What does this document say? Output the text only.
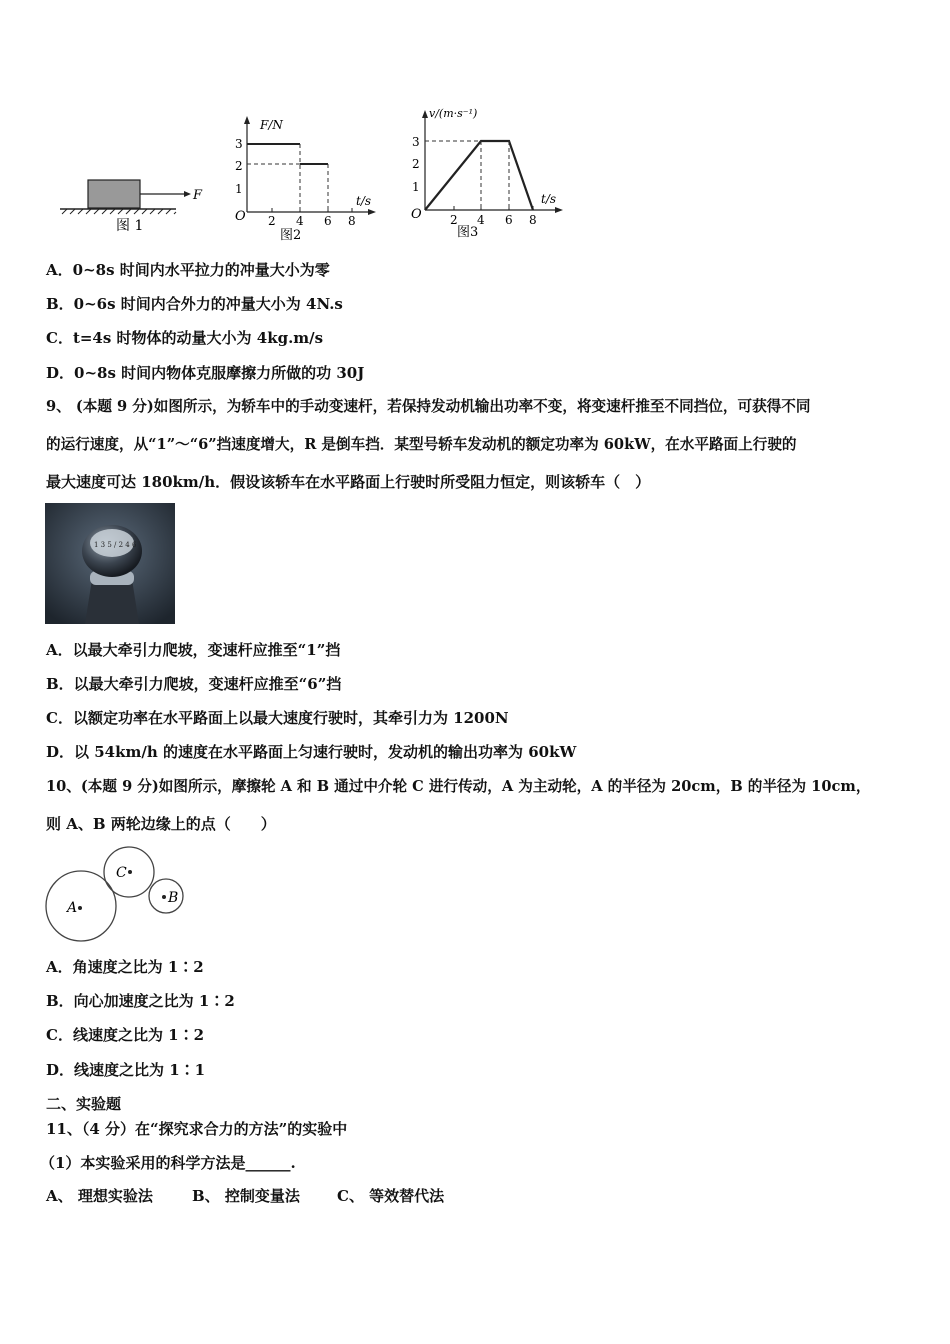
F
图 1
F/N
t/s
O
1
2
3
2 4 6 8
图2
v/(m·s⁻¹)
t/s
O
1
2
3
2 4 6 8
图3
A．0~8s 时间内水平拉力的冲量大小为零
B．0~6s 时间内合外力的冲量大小为 4N.s
C．t=4s 时物体的动量大小为 4kg.m/s
D．0~8s 时间内物体克服摩擦力所做的功 30J
9、 (本题 9 分)如图所示，为轿车中的手动变速杆，若保持发动机输出功率不变，将变速杆推至不同挡位，可获得不同
的运行速度，从“1”～“6”挡速度增大，R 是倒车挡．某型号轿车发动机的额定功率为 60kW，在水平路面上行驶的
最大速度可达 180km/h．假设该轿车在水平路面上行驶时所受阻力恒定，则该轿车（　）
1 3 5 / 2 4 6
A．以最大牵引力爬坡，变速杆应推至“1”挡
B．以最大牵引力爬坡，变速杆应推至“6”挡
C．以额定功率在水平路面上以最大速度行驶时，其牵引力为 1200N
D．以 54km/h 的速度在水平路面上匀速行驶时，发动机的输出功率为 60kW
10、(本题 9 分)如图所示，摩擦轮 A 和 B 通过中介轮 C 进行传动，A 为主动轮，A 的半径为 20cm，B 的半径为 10cm，
则 A、B 两轮边缘上的点（　　）
A
C
B
A．角速度之比为 1∶2
B．向心加速度之比为 1∶2
C．线速度之比为 1∶2
D．线速度之比为 1∶1
二、实验题
11、（4 分）在“探究求合力的方法”的实验中
（1）本实验采用的科学方法是______.
A、 理想实验法	B、 控制变量法 C、 等效替代法
